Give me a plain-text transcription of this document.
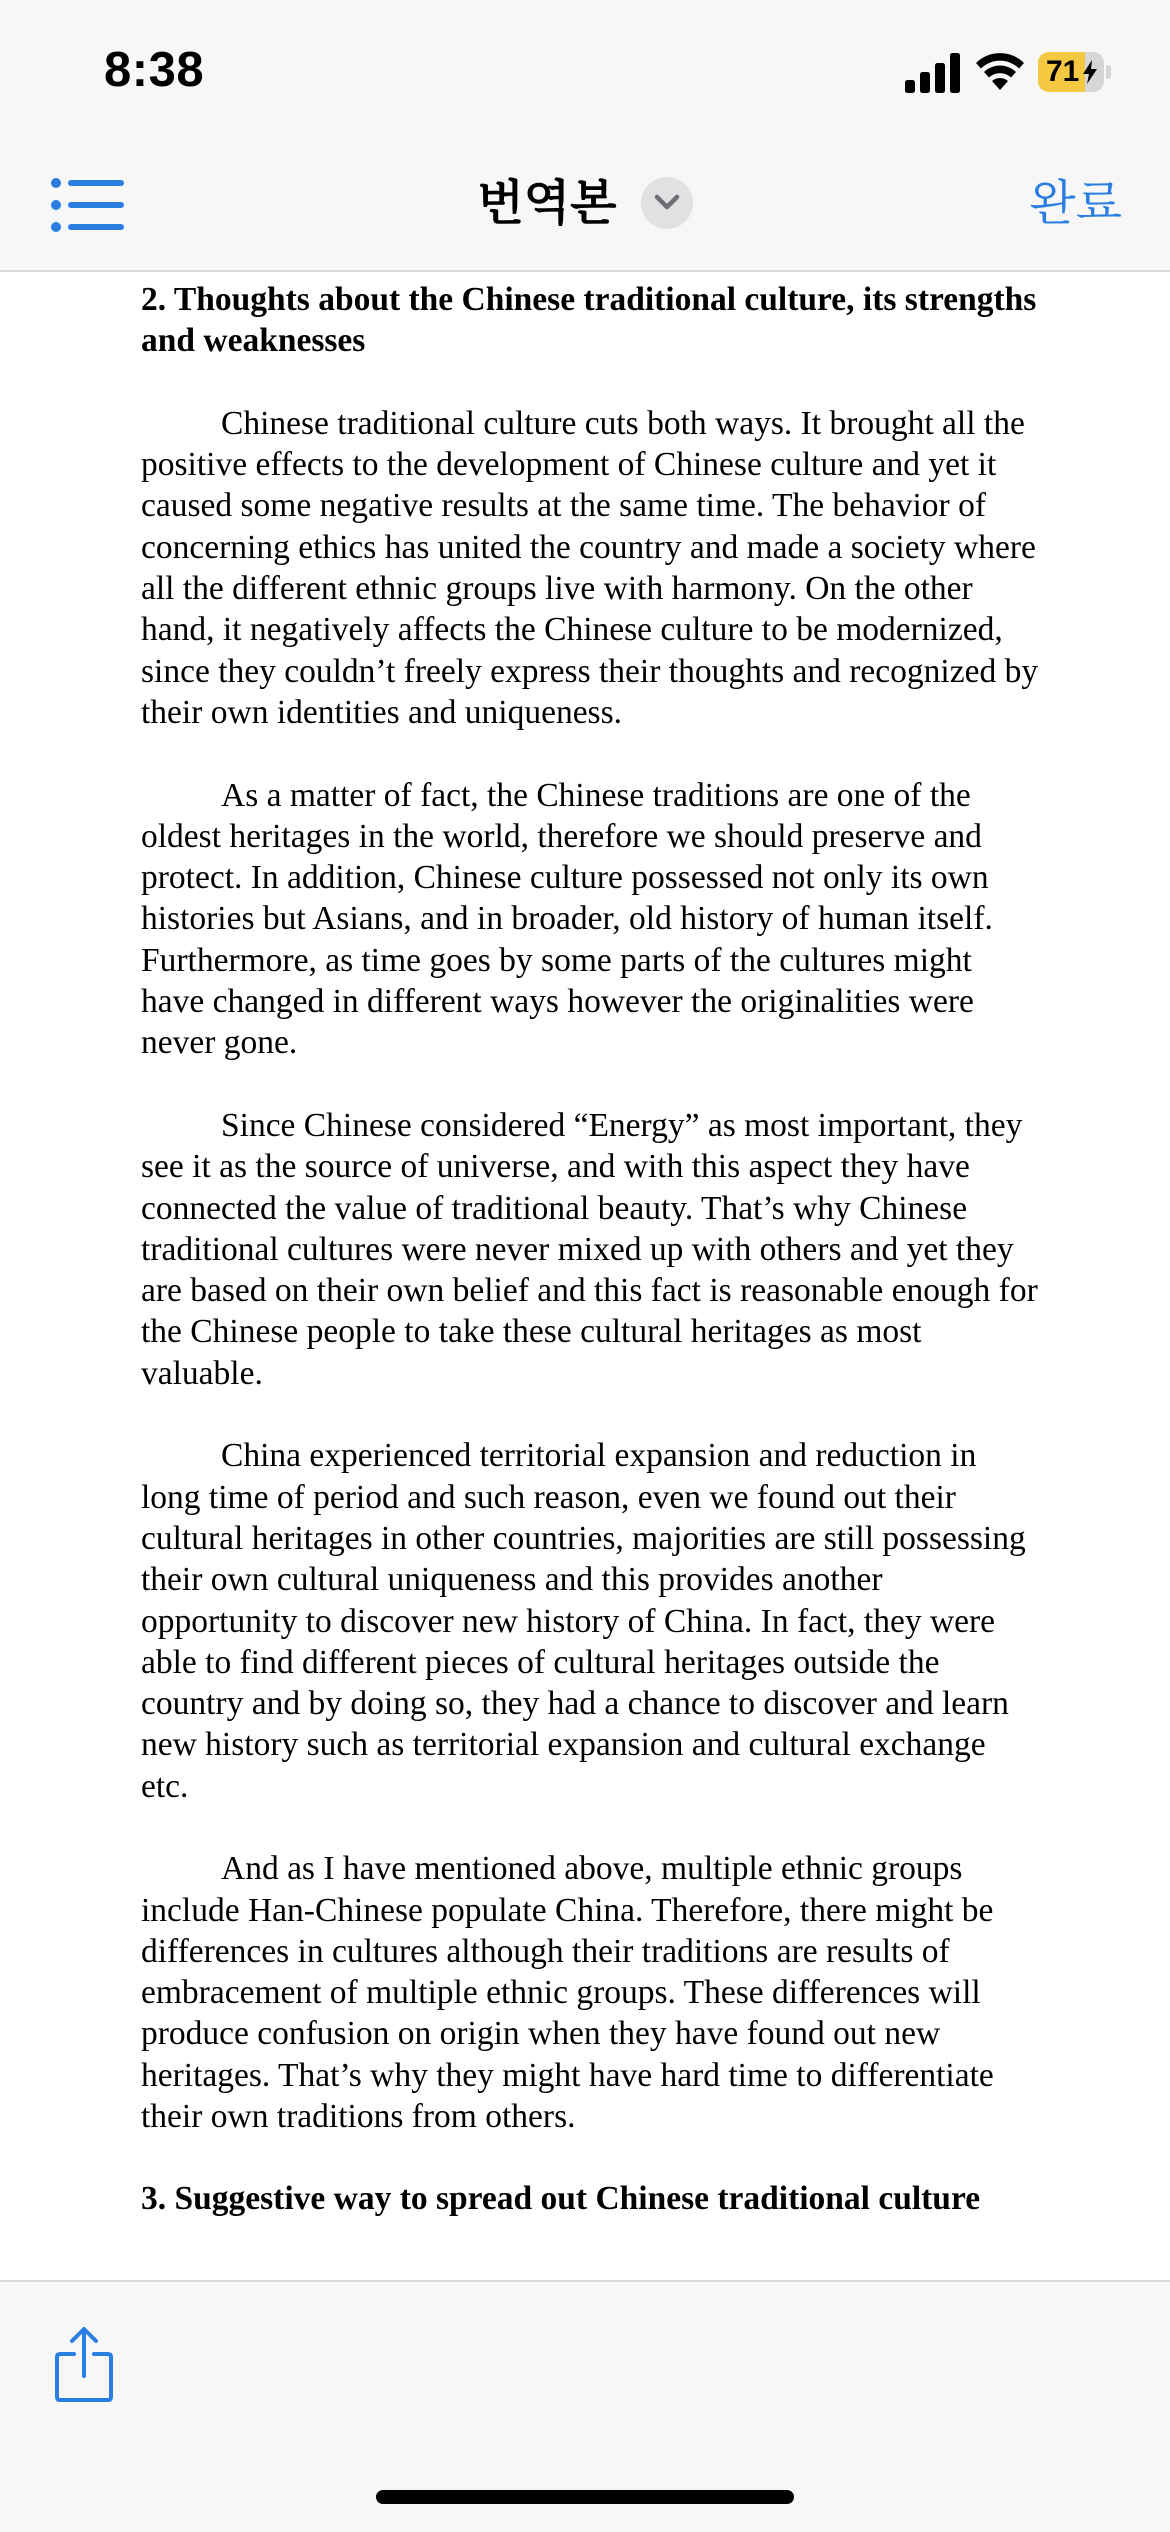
8:38	71
번역본	완료
2. Thoughts about the Chinese traditional culture, its strengths and weaknesses

Chinese traditional culture cuts both ways. It brought all the positive effects to the development of Chinese culture and yet it caused some negative results at the same time. The behavior of concerning ethics has united the country and made a society where all the different ethnic groups live with harmony. On the other hand, it negatively affects the Chinese culture to be modernized, since they couldn’t freely express their thoughts and recognized by their own identities and uniqueness.

As a matter of fact, the Chinese traditions are one of the oldest heritages in the world, therefore we should preserve and protect. In addition, Chinese culture possessed not only its own histories but Asians, and in broader, old history of human itself. Furthermore, as time goes by some parts of the cultures might have changed in different ways however the originalities were never gone.

Since Chinese considered “Energy” as most important, they see it as the source of universe, and with this aspect they have connected the value of traditional beauty. That’s why Chinese traditional cultures were never mixed up with others and yet they are based on their own belief and this fact is reasonable enough for the Chinese people to take these cultural heritages as most valuable.

China experienced territorial expansion and reduction in long time of period and such reason, even we found out their cultural heritages in other countries, majorities are still possessing their own cultural uniqueness and this provides another opportunity to discover new history of China. In fact, they were able to find different pieces of cultural heritages outside the country and by doing so, they had a chance to discover and learn new history such as territorial expansion and cultural exchange etc.

And as I have mentioned above, multiple ethnic groups include Han-Chinese populate China. Therefore, there might be differences in cultures although their traditions are results of embracement of multiple ethnic groups. These differences will produce confusion on origin when they have found out new heritages. That’s why they might have hard time to differentiate their own traditions from others.

3. Suggestive way to spread out Chinese traditional culture
